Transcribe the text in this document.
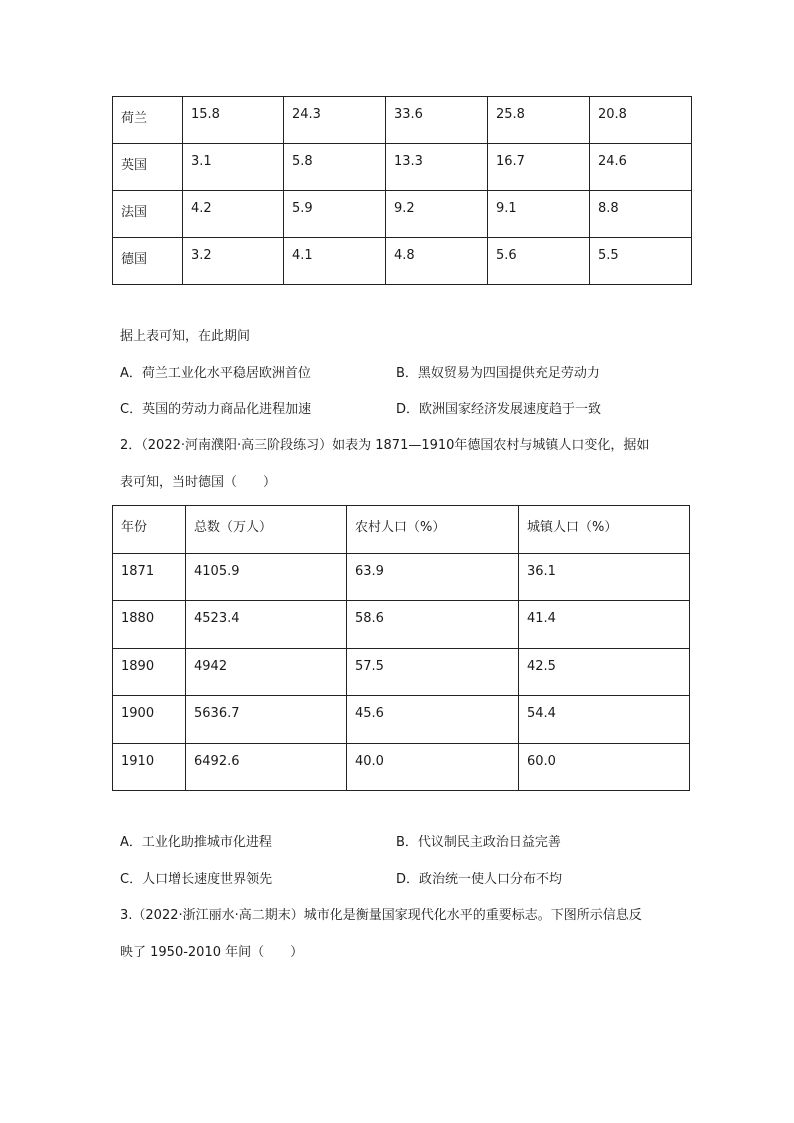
荷兰	15.8	24.3	33.6	25.8	20.8
英国	3.1	5.8	13.3	16.7	24.6
法国	4.2	5.9	9.2	9.1	8.8
德国	3.2	4.1	4.8	5.6	5.5
据上表可知，在此期间
A．荷兰工业化水平稳居欧洲首位	B．黑奴贸易为四国提供充足劳动力
C．英国的劳动力商品化进程加速	D．欧洲国家经济发展速度趋于一致
2．（2022·河南濮阳·高三阶段练习）如表为 1871—1910年德国农村与城镇人口变化，据如
表可知，当时德国（　　）
年份	总数（万人）	农村人口（%）	城镇人口（%）
1871	4105.9	63.9	36.1
1880	4523.4	58.6	41.4
1890	4942	57.5	42.5
1900	5636.7	45.6	54.4
1910	6492.6	40.0	60.0
A．工业化助推城市化进程	B．代议制民主政治日益完善
C．人口增长速度世界领先	D．政治统一使人口分布不均
3.（2022·浙江丽水·高二期末）城市化是衡量国家现代化水平的重要标志。下图所示信息反
映了 1950-2010 年间（　　）
